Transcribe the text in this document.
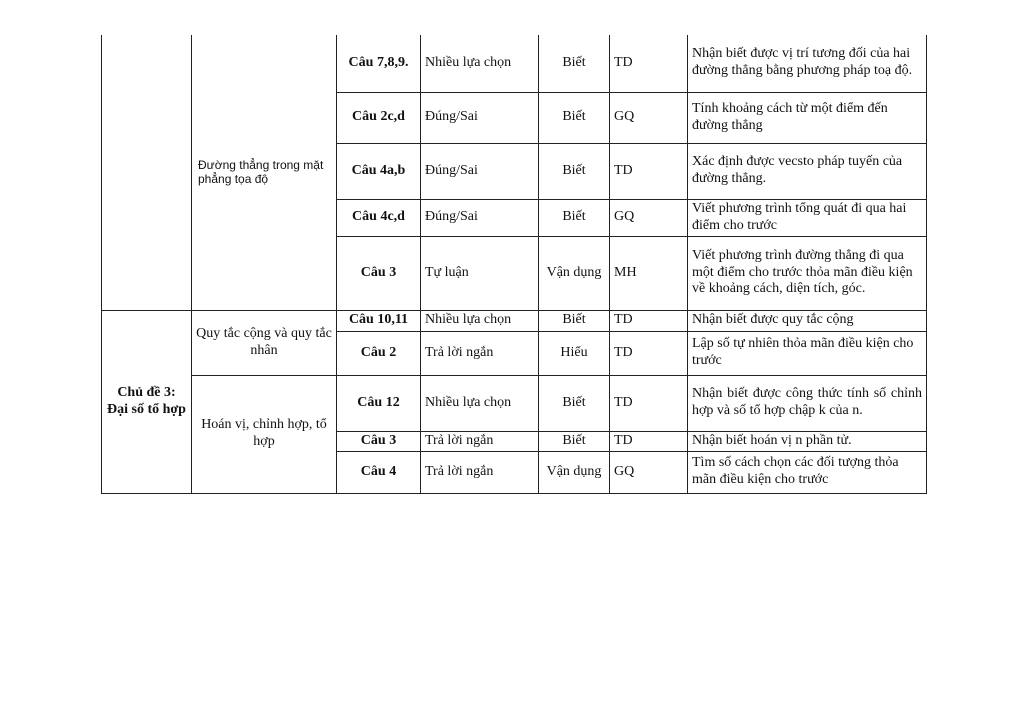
	Đường thẳng trong mặt phẳng tọa độ	Câu 7,8,9.	Nhiều lựa chọn	Biết	TD	Nhận biết được vị trí tương đối của hai đường thẳng bằng phương pháp toạ độ.
		Câu 2c,d	Đúng/Sai	Biết	GQ	Tính khoảng cách từ một điểm đến đường thẳng
		Câu 4a,b	Đúng/Sai	Biết	TD	Xác định được vecsto pháp tuyến của đường thẳng.
		Câu 4c,d	Đúng/Sai	Biết	GQ	Viết phương trình tổng quát đi qua hai điểm cho trước
		Câu 3	Tự luận	Vận dụng	MH	Viết phương trình đường thẳng đi qua một điểm cho trước thỏa mãn điều kiện về khoảng cách, diện tích, góc.
Chủ đề 3: Đại số tổ hợp	Quy tắc cộng và quy tắc nhân	Câu 10,11	Nhiều lựa chọn	Biết	TD	Nhận biết được quy tắc cộng
		Câu 2	Trả lời ngắn	Hiểu	TD	Lập số tự nhiên thỏa mãn điều kiện cho trước
	Hoán vị, chỉnh hợp, tổ hợp	Câu 12	Nhiều lựa chọn	Biết	TD	Nhận biết được công thức tính số chỉnh hợp và số tổ hợp chập k của n.
		Câu 3	Trả lời ngắn	Biết	TD	Nhận biết hoán vị n phần tử.
		Câu 4	Trả lời ngắn	Vận dụng	GQ	Tìm số cách chọn các đối tượng thỏa mãn điều kiện cho trước
